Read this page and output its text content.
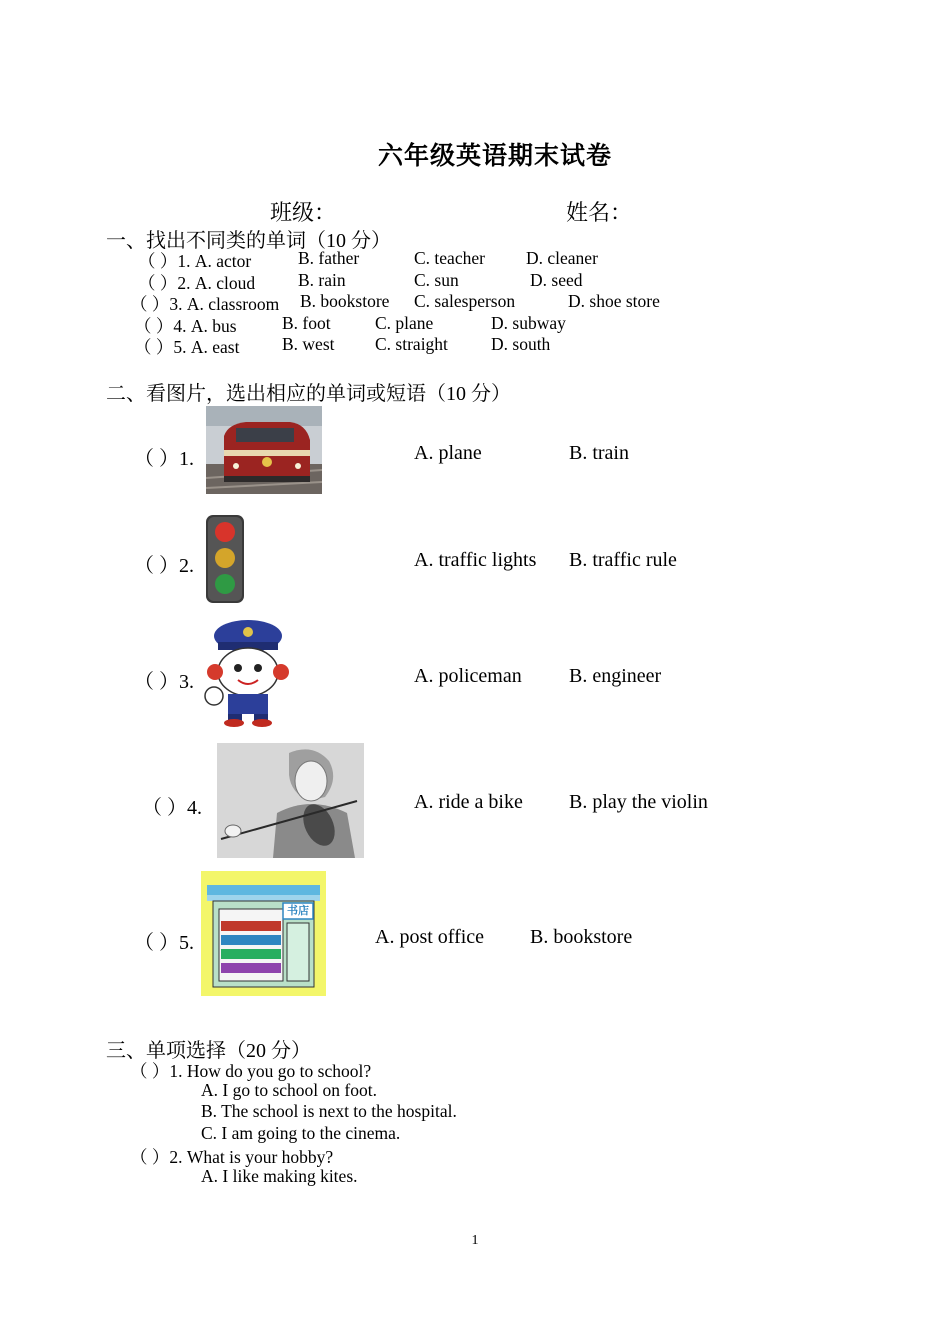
六年级英语期末试卷
班级：	姓名：
一、找出不同类的单词（10 分）
（ ）1. A. actor	B. father	C. teacher D. cleaner
（ ）2. A. cloud B. rain	C. sun	D. seed
（ ）3. A. classroom B. bookstore C. salesperson	D. shoe store
（ ）4. A. bus	B. foot	C. plane	D. subway
（ ）5. A. east B. west C. straight D. south
二、看图片，选出相应的单词或短语（10 分）
（ ）1.	A. plane	B. train
（ ）2.	A. traffic lights B. traffic rule
（ ）3.	A. policeman B. engineer
（ ）4.	A. ride a bike B. play the violin
（ ）5.
书店
A. post office B. bookstore
三、单项选择（20 分）
（ ）1. How do you go to school?
A. I go to school on foot.
B. The school is next to the hospital.
C. I am going to the cinema.
（ ）2. What is your hobby?
A. I like making kites.
1
